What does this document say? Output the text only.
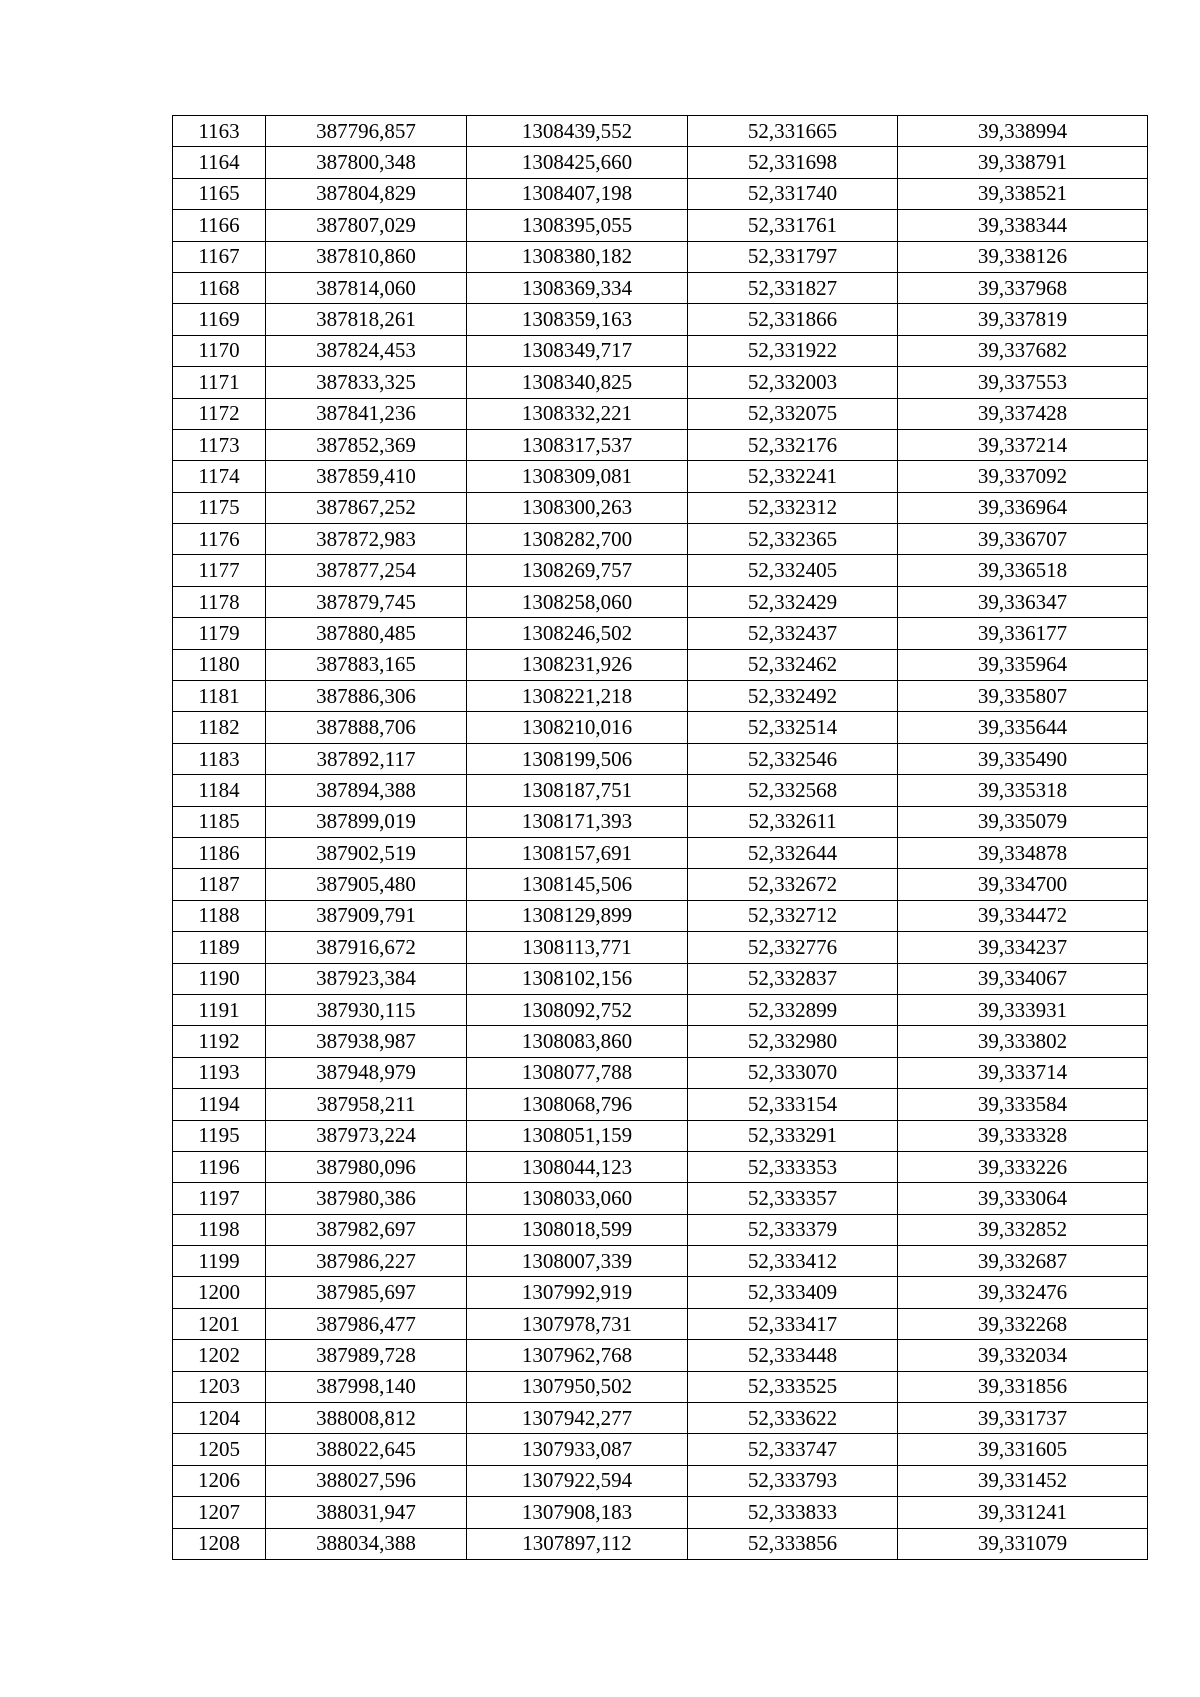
1163	387796,857	1308439,552	52,331665	39,338994
1164	387800,348	1308425,660	52,331698	39,338791
1165	387804,829	1308407,198	52,331740	39,338521
1166	387807,029	1308395,055	52,331761	39,338344
1167	387810,860	1308380,182	52,331797	39,338126
1168	387814,060	1308369,334	52,331827	39,337968
1169	387818,261	1308359,163	52,331866	39,337819
1170	387824,453	1308349,717	52,331922	39,337682
1171	387833,325	1308340,825	52,332003	39,337553
1172	387841,236	1308332,221	52,332075	39,337428
1173	387852,369	1308317,537	52,332176	39,337214
1174	387859,410	1308309,081	52,332241	39,337092
1175	387867,252	1308300,263	52,332312	39,336964
1176	387872,983	1308282,700	52,332365	39,336707
1177	387877,254	1308269,757	52,332405	39,336518
1178	387879,745	1308258,060	52,332429	39,336347
1179	387880,485	1308246,502	52,332437	39,336177
1180	387883,165	1308231,926	52,332462	39,335964
1181	387886,306	1308221,218	52,332492	39,335807
1182	387888,706	1308210,016	52,332514	39,335644
1183	387892,117	1308199,506	52,332546	39,335490
1184	387894,388	1308187,751	52,332568	39,335318
1185	387899,019	1308171,393	52,332611	39,335079
1186	387902,519	1308157,691	52,332644	39,334878
1187	387905,480	1308145,506	52,332672	39,334700
1188	387909,791	1308129,899	52,332712	39,334472
1189	387916,672	1308113,771	52,332776	39,334237
1190	387923,384	1308102,156	52,332837	39,334067
1191	387930,115	1308092,752	52,332899	39,333931
1192	387938,987	1308083,860	52,332980	39,333802
1193	387948,979	1308077,788	52,333070	39,333714
1194	387958,211	1308068,796	52,333154	39,333584
1195	387973,224	1308051,159	52,333291	39,333328
1196	387980,096	1308044,123	52,333353	39,333226
1197	387980,386	1308033,060	52,333357	39,333064
1198	387982,697	1308018,599	52,333379	39,332852
1199	387986,227	1308007,339	52,333412	39,332687
1200	387985,697	1307992,919	52,333409	39,332476
1201	387986,477	1307978,731	52,333417	39,332268
1202	387989,728	1307962,768	52,333448	39,332034
1203	387998,140	1307950,502	52,333525	39,331856
1204	388008,812	1307942,277	52,333622	39,331737
1205	388022,645	1307933,087	52,333747	39,331605
1206	388027,596	1307922,594	52,333793	39,331452
1207	388031,947	1307908,183	52,333833	39,331241
1208	388034,388	1307897,112	52,333856	39,331079
